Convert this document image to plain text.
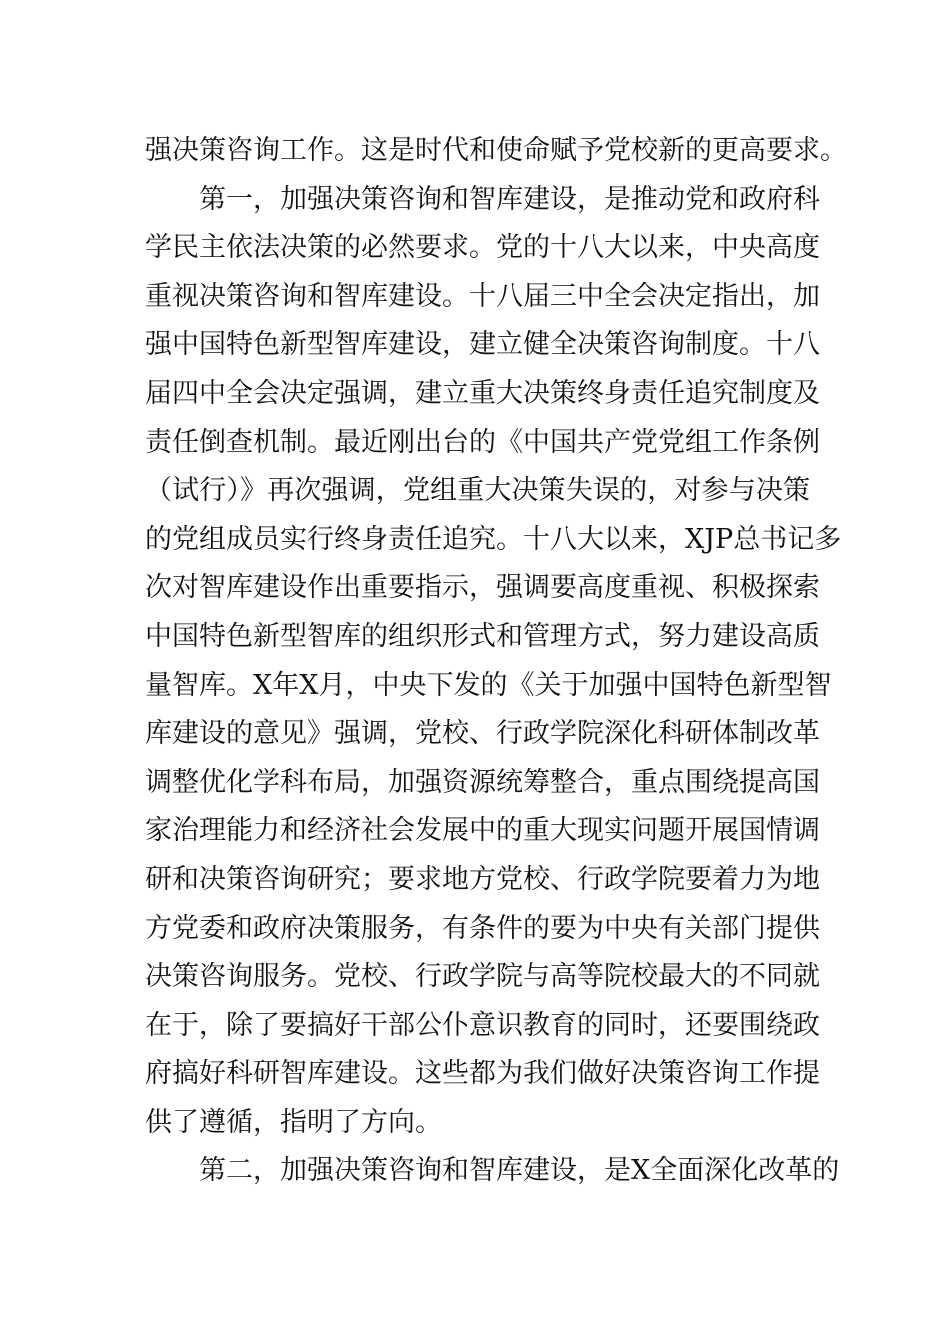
强决策咨询工作。这是时代和使命赋予党校新的更高要求。
　　第一，加强决策咨询和智库建设，是推动党和政府科
学民主依法决策的必然要求。党的十八大以来，中央高度
重视决策咨询和智库建设。十八届三中全会决定指出，加
强中国特色新型智库建设，建立健全决策咨询制度。十八
届四中全会决定强调，建立重大决策终身责任追究制度及
责任倒查机制。最近刚出台的《中国共产党党组工作条例
（试行）》再次强调，党组重大决策失误的，对参与决策
的党组成员实行终身责任追究。十八大以来，XJP总书记多
次对智库建设作出重要指示，强调要高度重视、积极探索
中国特色新型智库的组织形式和管理方式，努力建设高质
量智库。X年X月，中央下发的《关于加强中国特色新型智
库建设的意见》强调，党校、行政学院深化科研体制改革
调整优化学科布局，加强资源统筹整合，重点围绕提高国
家治理能力和经济社会发展中的重大现实问题开展国情调
研和决策咨询研究；要求地方党校、行政学院要着力为地
方党委和政府决策服务，有条件的要为中央有关部门提供
决策咨询服务。党校、行政学院与高等院校最大的不同就
在于，除了要搞好干部公仆意识教育的同时，还要围绕政
府搞好科研智库建设。这些都为我们做好决策咨询工作提
供了遵循，指明了方向。
　　第二，加强决策咨询和智库建设，是X全面深化改革的
